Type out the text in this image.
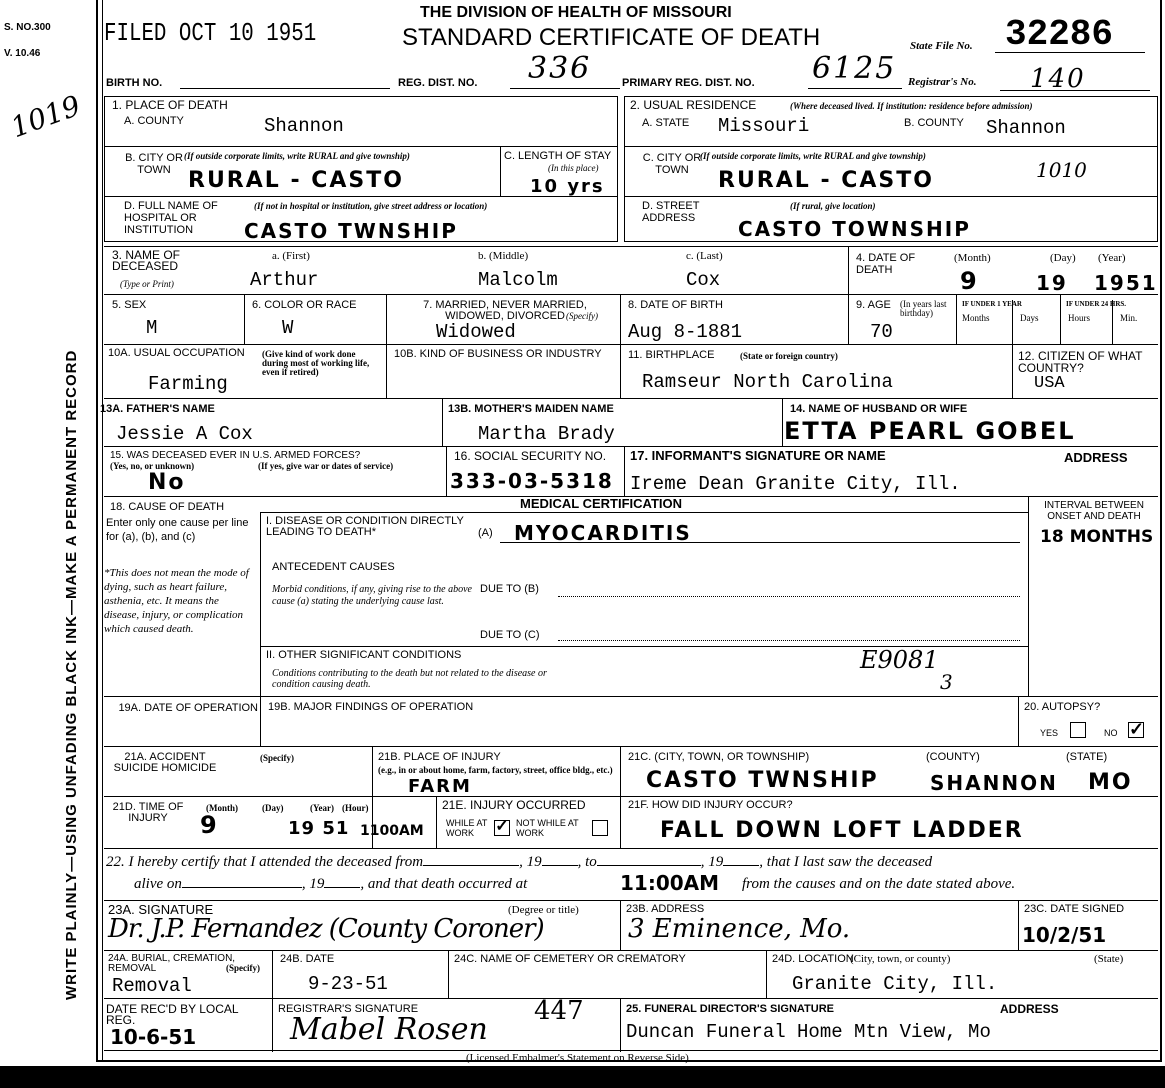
S. NO.300
V. 10.46
1019
WRITE PLAINLY—USING UNFADING BLACK INK—MAKE A PERMANENT RECORD
FILED OCT 10 1951
THE DIVISION OF HEALTH OF MISSOURI
STANDARD CERTIFICATE OF DEATH	State File No. 32286
BIRTH NO.	REG. DIST. NO. 336	PRIMARY REG. DIST. NO. 6125 Registrar's No. 140
1. PLACE OF DEATH
A. COUNTY	Shannon
B. CITY OR TOWN
(If outside corporate limits, write RURAL and give township)
RURAL - CASTO
C. LENGTH OF STAY
(In this place)
10 yrs
D. FULL NAME OF HOSPITAL OR INSTITUTION
(If not in hospital or institution, give street address or location)
CASTO TWNSHIP
2. USUAL RESIDENCE	(Where deceased lived. If institution: residence before admission)
A. STATE Missouri	B. COUNTY Shannon
C. CITY OR TOWN
(If outside corporate limits, write RURAL and give township)
RURAL - CASTO	1010
D. STREET ADDRESS
(If rural, give location)
CASTO TOWNSHIP
3. NAME OF DECEASED
(Type or Print)
a. (First)
Arthur
b. (Middle)
Malcolm
c. (Last)
Cox
4. DATE OF DEATH
(Month)	(Day) (Year)
9	19 1951
5. SEX
M
6. COLOR OR RACE
W
7. MARRIED, NEVER MARRIED, WIDOWED, DIVORCED (Specify)
Widowed
8. DATE OF BIRTH
Aug 8-1881
9. AGE (In years last birthday)
70
IF UNDER 1 YEAR
Months	Days
IF UNDER 24 HRS.
Hours	Min.
10A. USUAL OCCUPATION (Give kind of work done during most of working life, even if retired)
Farming
10B. KIND OF BUSINESS OR INDUSTRY	11. BIRTHPLACE	(State or foreign country)
Ramseur North Carolina
12. CITIZEN OF WHAT COUNTRY?
USA
13A. FATHER'S NAME
Jessie A Cox
13B. MOTHER'S MAIDEN NAME
Martha Brady
14. NAME OF HUSBAND OR WIFE
ETTA PEARL GOBEL
15. WAS DECEASED EVER IN U.S. ARMED FORCES?
(Yes, no, or unknown)	(If yes, give war or dates of service)
No
16. SOCIAL SECURITY NO.
333-03-5318
17. INFORMANT'S SIGNATURE OR NAME	ADDRESS
Ireme Dean Granite City, Ill.
MEDICAL CERTIFICATION
18. CAUSE OF DEATH
Enter only one cause per line for (a), (b), and (c)
*This does not mean the mode of dying, such as heart failure, asthenia, etc. It means the disease, injury, or complication which caused death.
I. DISEASE OR CONDITION DIRECTLY LEADING TO DEATH*	(A) MYOCARDITIS
ANTECEDENT CAUSES
Morbid conditions, if any, giving rise to the above cause (a) stating the underlying cause last.
DUE TO (B)
DUE TO (C)
II. OTHER SIGNIFICANT CONDITIONS
Conditions contributing to the death but not related to the disease or condition causing death.
E9081
3
INTERVAL BETWEEN ONSET AND DEATH
18 MONTHS
19A. DATE OF OPERATION 19B. MAJOR FINDINGS OF OPERATION	20. AUTOPSY?
YES	NO ✓
21A. ACCIDENT SUICIDE HOMICIDE
(Specify)	21B. PLACE OF INJURY
(e.g., in or about home, farm, factory, street, office bldg., etc.)
FARM
21C. (CITY, TOWN, OR TOWNSHIP)	(COUNTY)	(STATE)
CASTO TWNSHIP	SHANNON MO
21D. TIME OF INJURY
(Month)	(Day)	(Year) (Hour)
9	19 51 1100AM
21E. INJURY OCCURRED
WHILE AT WORK	✓ NOT WHILE AT WORK
21F. HOW DID INJURY OCCUR?
FALL DOWN LOFT LADDER
22. I hereby certify that I attended the deceased from	, 19 , to	, 19 , that I last saw the deceased
alive on	, 19 , and that death occurred at	11:00AM from the causes and on the date stated above.
23A. SIGNATURE	(Degree or title)
Dr. J.P. Fernandez (County Coroner)
23B. ADDRESS
3 Eminence, Mo.
23C. DATE SIGNED
10/2/51
24A. BURIAL, CREMATION, REMOVAL	(Specify)
Removal
24B. DATE
9-23-51
24C. NAME OF CEMETERY OR CREMATORY	24D. LOCATION
(City, town, or county)	(State)
Granite City, Ill.
DATE REC'D BY LOCAL REG.
10-6-51
REGISTRAR'S SIGNATURE
Mabel Rosen
447	25. FUNERAL DIRECTOR'S SIGNATURE	ADDRESS
Duncan Funeral Home Mtn View, Mo
(Licensed Embalmer's Statement on Reverse Side)
